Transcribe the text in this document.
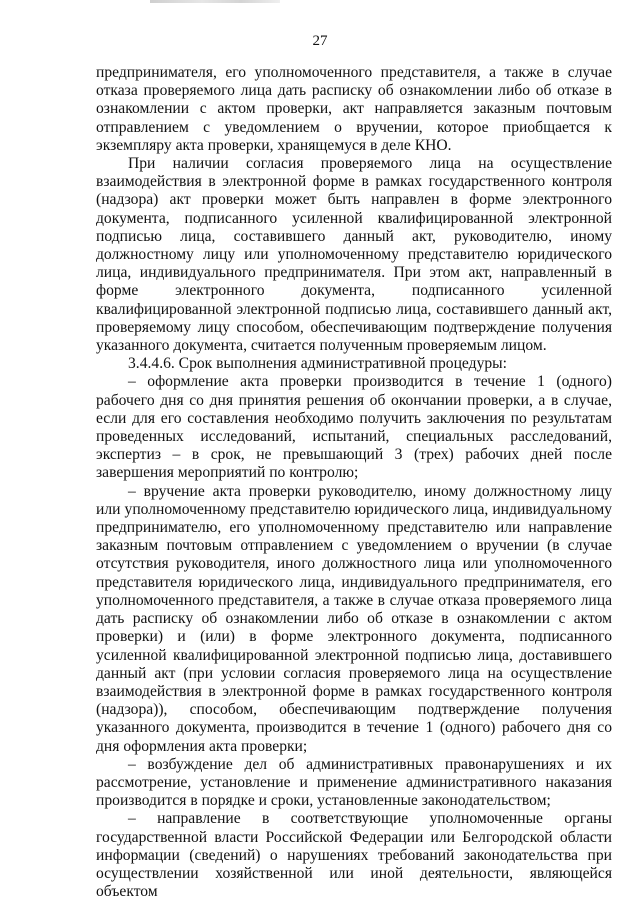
27

предпринимателя, его уполномоченного представителя, а также в случае отказа проверяемого лица дать расписку об ознакомлении либо об отказе в ознакомлении с актом проверки, акт направляется заказным почтовым отправлением с уведомлением о вручении, которое приобщается к экземпляру акта проверки, хранящемуся в деле КНО.

При наличии согласия проверяемого лица на осуществление взаимодействия в электронной форме в рамках государственного контроля (надзора) акт проверки может быть направлен в форме электронного документа, подписанного усиленной квалифицированной электронной подписью лица, составившего данный акт, руководителю, иному должностному лицу или уполномоченному представителю юридического лица, индивидуального предпринимателя. При этом акт, направленный в форме электронного документа, подписанного усиленной квалифицированной электронной подписью лица, составившего данный акт, проверяемому лицу способом, обеспечивающим подтверждение получения указанного документа, считается полученным проверяемым лицом.

3.4.4.6. Срок выполнения административной процедуры:

– оформление акта проверки производится в течение 1 (одного) рабочего дня со дня принятия решения об окончании проверки, а в случае, если для его составления необходимо получить заключения по результатам проведенных исследований, испытаний, специальных расследований, экспертиз – в срок, не превышающий 3 (трех) рабочих дней после завершения мероприятий по контролю;

– вручение акта проверки руководителю, иному должностному лицу или уполномоченному представителю юридического лица, индивидуальному предпринимателю, его уполномоченному представителю или направление заказным почтовым отправлением с уведомлением о вручении (в случае отсутствия руководителя, иного должностного лица или уполномоченного представителя юридического лица, индивидуального предпринимателя, его уполномоченного представителя, а также в случае отказа проверяемого лица дать расписку об ознакомлении либо об отказе в ознакомлении с актом проверки) и (или) в форме электронного документа, подписанного усиленной квалифицированной электронной подписью лица, доставившего данный акт (при условии согласия проверяемого лица на осуществление взаимодействия в электронной форме в рамках государственного контроля (надзора)), способом, обеспечивающим подтверждение получения указанного документа, производится в течение 1 (одного) рабочего дня со дня оформления акта проверки;

– возбуждение дел об административных правонарушениях и их рассмотрение, установление и применение административного наказания производится в порядке и сроки, установленные законодательством;

– направление в соответствующие уполномоченные органы государственной власти Российской Федерации или Белгородской области информации (сведений) о нарушениях требований законодательства при осуществлении хозяйственной или иной деятельности, являющейся объектом
